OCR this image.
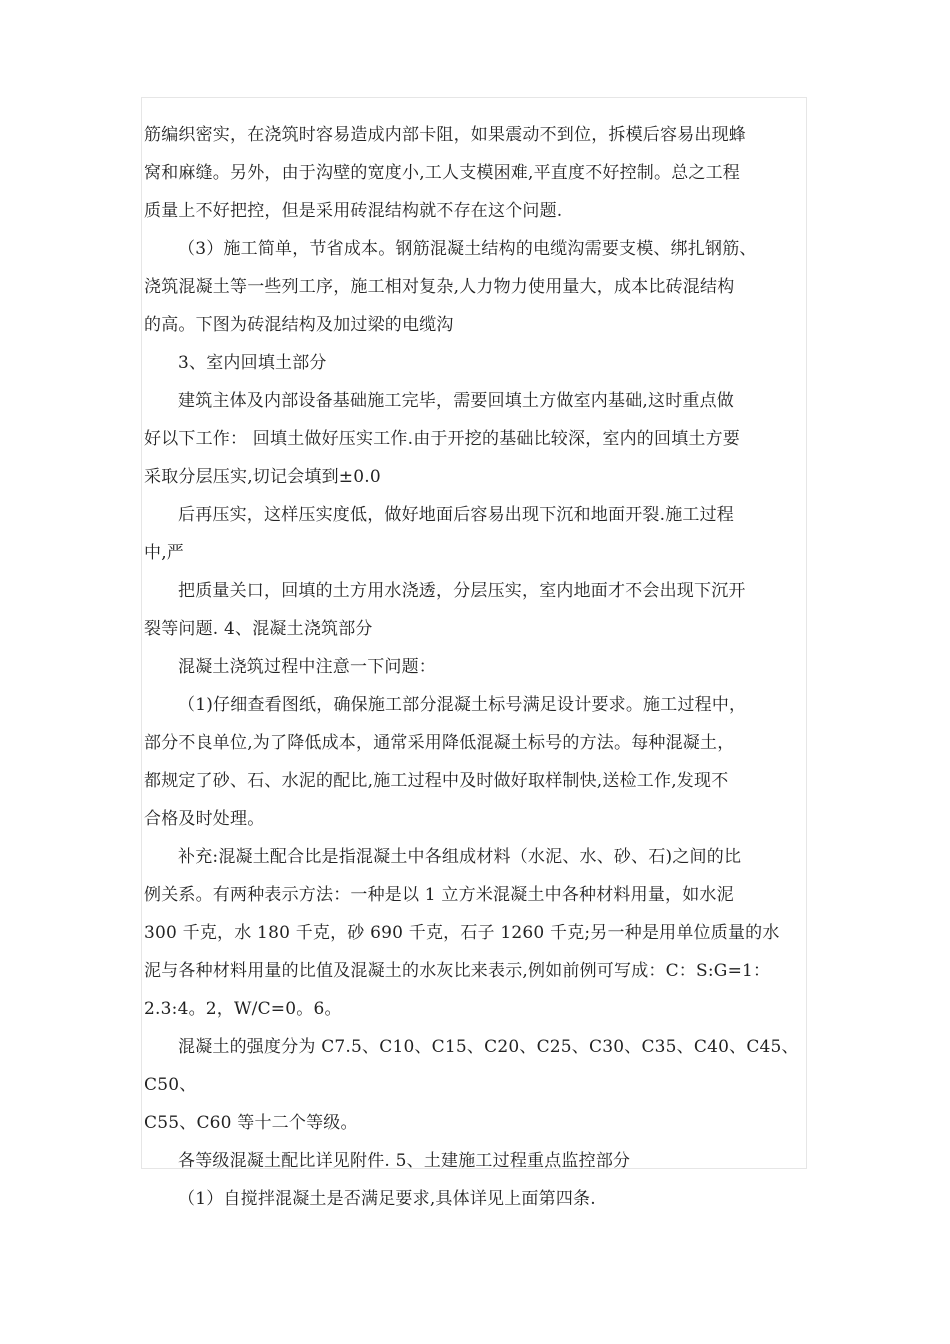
筋编织密实，在浇筑时容易造成内部卡阻，如果震动不到位，拆模后容易出现蜂
窝和麻缝。另外，由于沟壁的宽度小,工人支模困难,平直度不好控制。总之工程
质量上不好把控，但是采用砖混结构就不存在这个问题.

（3）施工简单，节省成本。钢筋混凝土结构的电缆沟需要支模、绑扎钢筋、
浇筑混凝土等一些列工序，施工相对复杂,人力物力使用量大，成本比砖混结构
的高。下图为砖混结构及加过梁的电缆沟

3、室内回填土部分

建筑主体及内部设备基础施工完毕，需要回填土方做室内基础,这时重点做
好以下工作： 回填土做好压实工作.由于开挖的基础比较深，室内的回填土方要
采取分层压实,切记会填到±0.0

后再压实，这样压实度低，做好地面后容易出现下沉和地面开裂.施工过程
中,严

把质量关口，回填的土方用水浇透，分层压实，室内地面才不会出现下沉开
裂等问题. 4、混凝土浇筑部分

混凝土浇筑过程中注意一下问题：

（1)仔细查看图纸，确保施工部分混凝土标号满足设计要求。施工过程中，
部分不良单位,为了降低成本，通常采用降低混凝土标号的方法。每种混凝土，
都规定了砂、石、水泥的配比,施工过程中及时做好取样制快,送检工作,发现不
合格及时处理。

补充:混凝土配合比是指混凝土中各组成材料（水泥、水、砂、石)之间的比
例关系。有两种表示方法：一种是以 1 立方米混凝土中各种材料用量，如水泥
300 千克，水 180 千克，砂 690 千克，石子 1260 千克;另一种是用单位质量的水
泥与各种材料用量的比值及混凝土的水灰比来表示,例如前例可写成：C：S:G=1：
2.3:4。2，W/C=0。6。

混凝土的强度分为 C7.5、C10、C15、C20、C25、C30、C35、C40、C45、C50、
C55、C60 等十二个等级。

各等级混凝土配比详见附件. 5、土建施工过程重点监控部分

（1）自搅拌混凝土是否满足要求,具体详见上面第四条.
